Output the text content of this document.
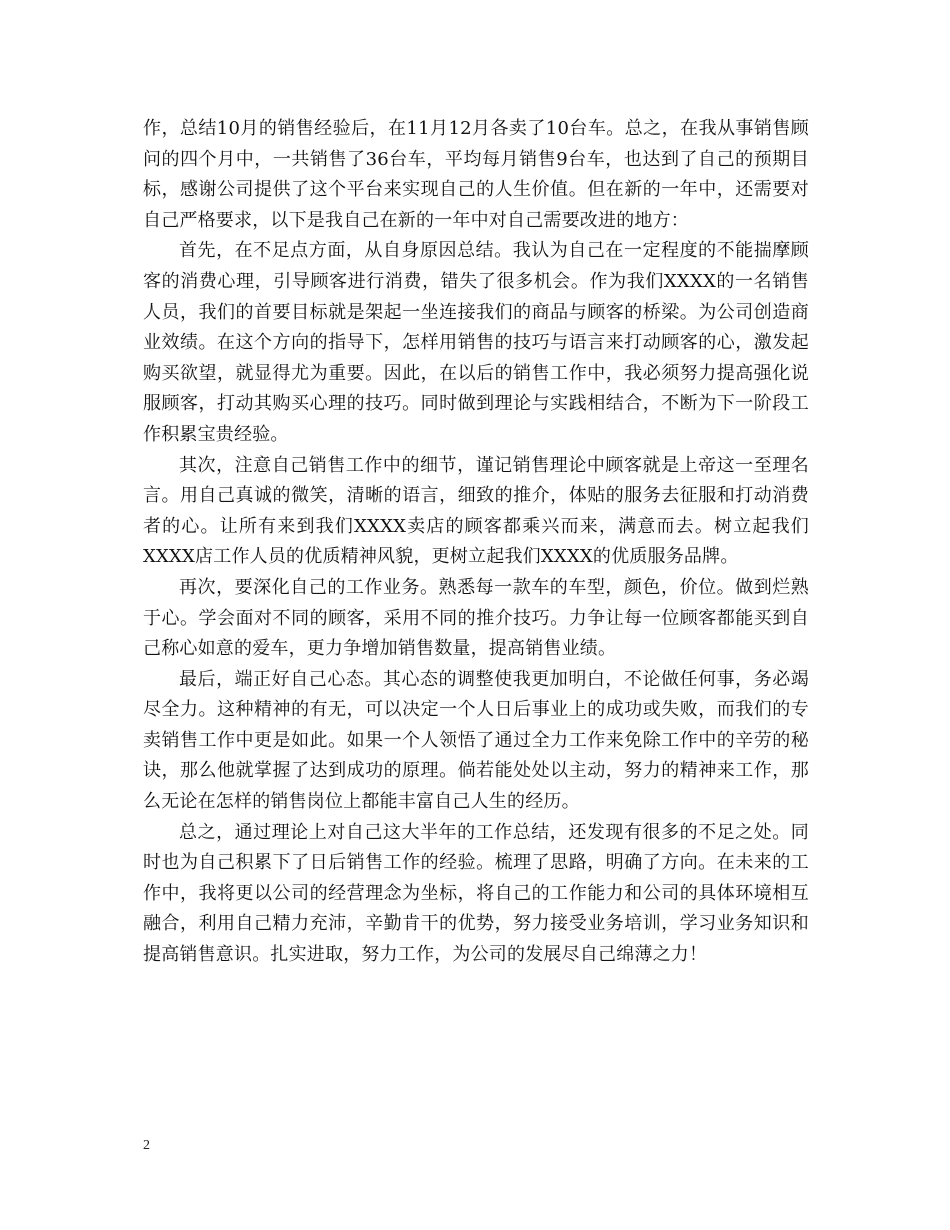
作，总结10月的销售经验后，在11月12月各卖了10台车。总之，在我从事销售顾问的四个月中，一共销售了36台车，平均每月销售9台车，也达到了自己的预期目标，感谢公司提供了这个平台来实现自己的人生价值。但在新的一年中，还需要对自己严格要求，以下是我自己在新的一年中对自己需要改进的地方：

首先，在不足点方面，从自身原因总结。我认为自己在一定程度的不能揣摩顾客的消费心理，引导顾客进行消费，错失了很多机会。作为我们XXXX的一名销售人员，我们的首要目标就是架起一坐连接我们的商品与顾客的桥梁。为公司创造商业效绩。在这个方向的指导下，怎样用销售的技巧与语言来打动顾客的心，激发起购买欲望，就显得尤为重要。因此，在以后的销售工作中，我必须努力提高强化说服顾客，打动其购买心理的技巧。同时做到理论与实践相结合，不断为下一阶段工作积累宝贵经验。

其次，注意自己销售工作中的细节，谨记销售理论中顾客就是上帝这一至理名言。用自己真诚的微笑，清晰的语言，细致的推介，体贴的服务去征服和打动消费者的心。让所有来到我们XXXX卖店的顾客都乘兴而来，满意而去。树立起我们XXXX店工作人员的优质精神风貌，更树立起我们XXXX的优质服务品牌。

再次，要深化自己的工作业务。熟悉每一款车的车型，颜色，价位。做到烂熟于心。学会面对不同的顾客，采用不同的推介技巧。力争让每一位顾客都能买到自己称心如意的爱车，更力争增加销售数量，提高销售业绩。

最后，端正好自己心态。其心态的调整使我更加明白，不论做任何事，务必竭尽全力。这种精神的有无，可以决定一个人日后事业上的成功或失败，而我们的专卖销售工作中更是如此。如果一个人领悟了通过全力工作来免除工作中的辛劳的秘诀，那么他就掌握了达到成功的原理。倘若能处处以主动，努力的精神来工作，那么无论在怎样的销售岗位上都能丰富自己人生的经历。

总之，通过理论上对自己这大半年的工作总结，还发现有很多的不足之处。同时也为自己积累下了日后销售工作的经验。梳理了思路，明确了方向。在未来的工作中，我将更以公司的经营理念为坐标，将自己的工作能力和公司的具体环境相互融合，利用自己精力充沛，辛勤肯干的优势，努力接受业务培训，学习业务知识和提高销售意识。扎实进取，努力工作，为公司的发展尽自己绵薄之力！

2
